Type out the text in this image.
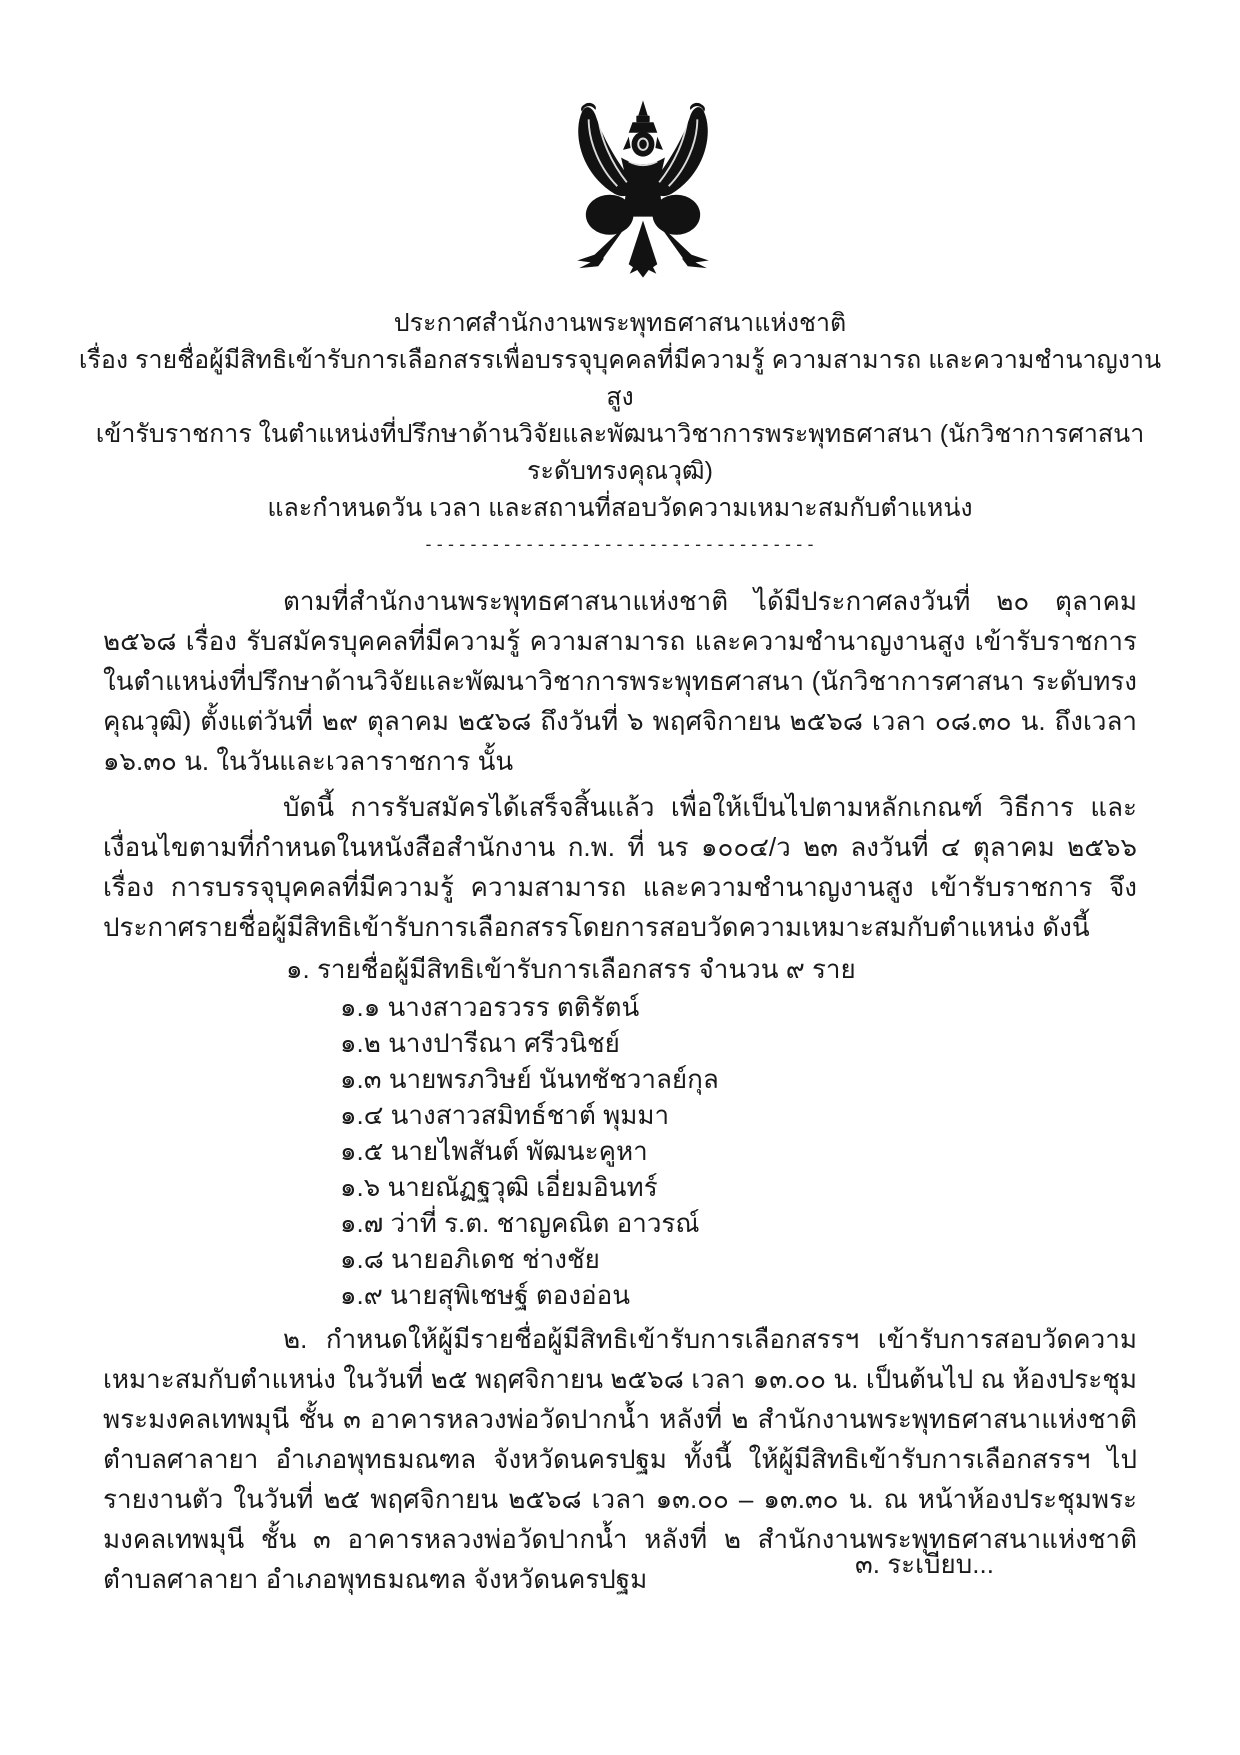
ประกาศสำนักงานพระพุทธศาสนาแห่งชาติ
เรื่อง รายชื่อผู้มีสิทธิเข้ารับการเลือกสรรเพื่อบรรจุบุคคลที่มีความรู้ ความสามารถ และความชำนาญงานสูง
เข้ารับราชการ ในตำแหน่งที่ปรึกษาด้านวิจัยและพัฒนาวิชาการพระพุทธศาสนา (นักวิชาการศาสนา ระดับทรงคุณวุฒิ)
และกำหนดวัน เวลา และสถานที่สอบวัดความเหมาะสมกับตำแหน่ง
-----------------------------------
ตามที่สำนักงานพระพุทธศาสนาแห่งชาติ ได้มีประกาศลงวันที่ ๒๐ ตุลาคม ๒๕๖๘ เรื่อง รับสมัครบุคคลที่มีความรู้ ความสามารถ และความชำนาญงานสูง เข้ารับราชการ ในตำแหน่งที่ปรึกษาด้านวิจัยและพัฒนาวิชาการพระพุทธศาสนา (นักวิชาการศาสนา ระดับทรงคุณวุฒิ) ตั้งแต่วันที่ ๒๙ ตุลาคม ๒๕๖๘ ถึงวันที่ ๖ พฤศจิกายน ๒๕๖๘ เวลา ๐๘.๓๐ น. ถึงเวลา ๑๖.๓๐ น. ในวันและเวลาราชการ นั้น
บัดนี้ การรับสมัครได้เสร็จสิ้นแล้ว เพื่อให้เป็นไปตามหลักเกณฑ์ วิธีการ และเงื่อนไขตามที่กำหนดในหนังสือสำนักงาน ก.พ. ที่ นร ๑๐๐๔/ว ๒๓ ลงวันที่ ๔ ตุลาคม ๒๕๖๖ เรื่อง การบรรจุบุคคลที่มีความรู้ ความสามารถ และความชำนาญงานสูง เข้ารับราชการ จึงประกาศรายชื่อผู้มีสิทธิเข้ารับการเลือกสรรโดยการสอบวัดความเหมาะสมกับตำแหน่ง ดังนี้
๑. รายชื่อผู้มีสิทธิเข้ารับการเลือกสรร จำนวน ๙ ราย
๑.๑ นางสาวอรวรร ตติรัตน์
๑.๒ นางปารีณา ศรีวนิชย์
๑.๓ นายพรภวิษย์ นันทชัชวาลย์กุล
๑.๔ นางสาวสมิทธ์ชาต์ พุมมา
๑.๕ นายไพสันต์ พัฒนะคูหา
๑.๖ นายณัฏฐวุฒิ เอี่ยมอินทร์
๑.๗ ว่าที่ ร.ต. ชาญคณิต อาวรณ์
๑.๘ นายอภิเดช ช่างชัย
๑.๙ นายสุพิเชษฐ์ ตองอ่อน
๒. กำหนดให้ผู้มีรายชื่อผู้มีสิทธิเข้ารับการเลือกสรรฯ เข้ารับการสอบวัดความเหมาะสมกับตำแหน่ง ในวันที่ ๒๕ พฤศจิกายน ๒๕๖๘ เวลา ๑๓.๐๐ น. เป็นต้นไป ณ ห้องประชุมพระมงคลเทพมุนี ชั้น ๓ อาคารหลวงพ่อวัดปากน้ำ หลังที่ ๒ สำนักงานพระพุทธศาสนาแห่งชาติ ตำบลศาลายา อำเภอพุทธมณฑล จังหวัดนครปฐม ทั้งนี้ ให้ผู้มีสิทธิเข้ารับการเลือกสรรฯ ไปรายงานตัว ในวันที่ ๒๕ พฤศจิกายน ๒๕๖๘ เวลา ๑๓.๐๐ – ๑๓.๓๐ น. ณ หน้าห้องประชุมพระมงคลเทพมุนี ชั้น ๓ อาคารหลวงพ่อวัดปากน้ำ หลังที่ ๒ สำนักงานพระพุทธศาสนาแห่งชาติ ตำบลศาลายา อำเภอพุทธมณฑล จังหวัดนครปฐม	๓. ระเบียบ...
